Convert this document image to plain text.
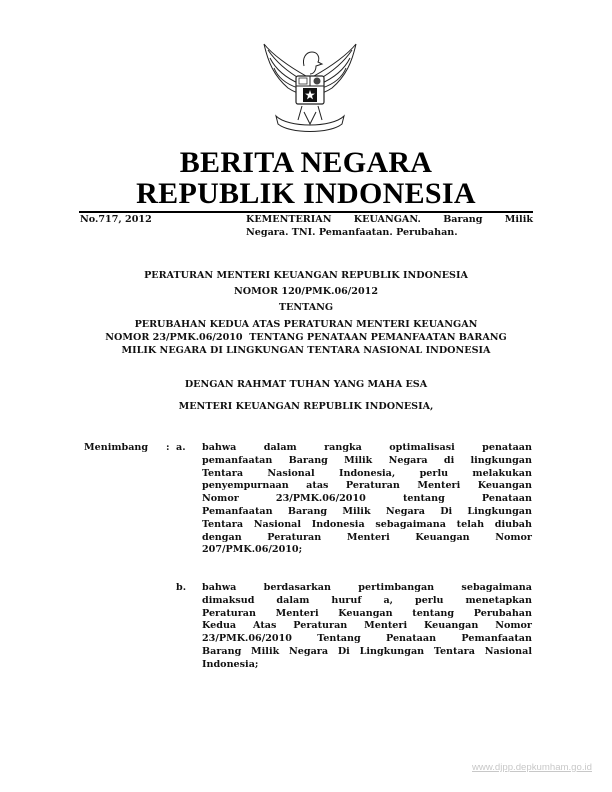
BERITA NEGARA
REPUBLIK INDONESIA
No.717, 2012	KEMENTERIAN KEUANGAN. Barang Milik
Negara. TNI. Pemanfaatan. Perubahan.
PERATURAN MENTERI KEUANGAN REPUBLIK INDONESIA
NOMOR 120/PMK.06/2012
TENTANG
PERUBAHAN KEDUA ATAS PERATURAN MENTERI KEUANGAN
NOMOR 23/PMK.06/2010  TENTANG PENATAAN PEMANFAATAN BARANG
MILIK NEGARA DI LINGKUNGAN TENTARA NASIONAL INDONESIA
DENGAN RAHMAT TUHAN YANG MAHA ESA
MENTERI KEUANGAN REPUBLIK INDONESIA,
Menimbang : a. bahwa dalam rangka optimalisasi penataan
pemanfaatan Barang Milik Negara di lingkungan
Tentara Nasional Indonesia, perlu melakukan
penyempurnaan atas Peraturan Menteri Keuangan
Nomor 23/PMK.06/2010 tentang Penataan
Pemanfaatan Barang Milik Negara Di Lingkungan
Tentara Nasional Indonesia sebagaimana telah diubah
dengan Peraturan Menteri Keuangan Nomor
207/PMK.06/2010;
b. bahwa berdasarkan pertimbangan sebagaimana
dimaksud dalam huruf a, perlu menetapkan
Peraturan Menteri Keuangan tentang Perubahan
Kedua Atas Peraturan Menteri Keuangan Nomor
23/PMK.06/2010 Tentang Penataan Pemanfaatan
Barang Milik Negara Di Lingkungan Tentara Nasional
Indonesia;
www.djpp.depkumham.go.id
